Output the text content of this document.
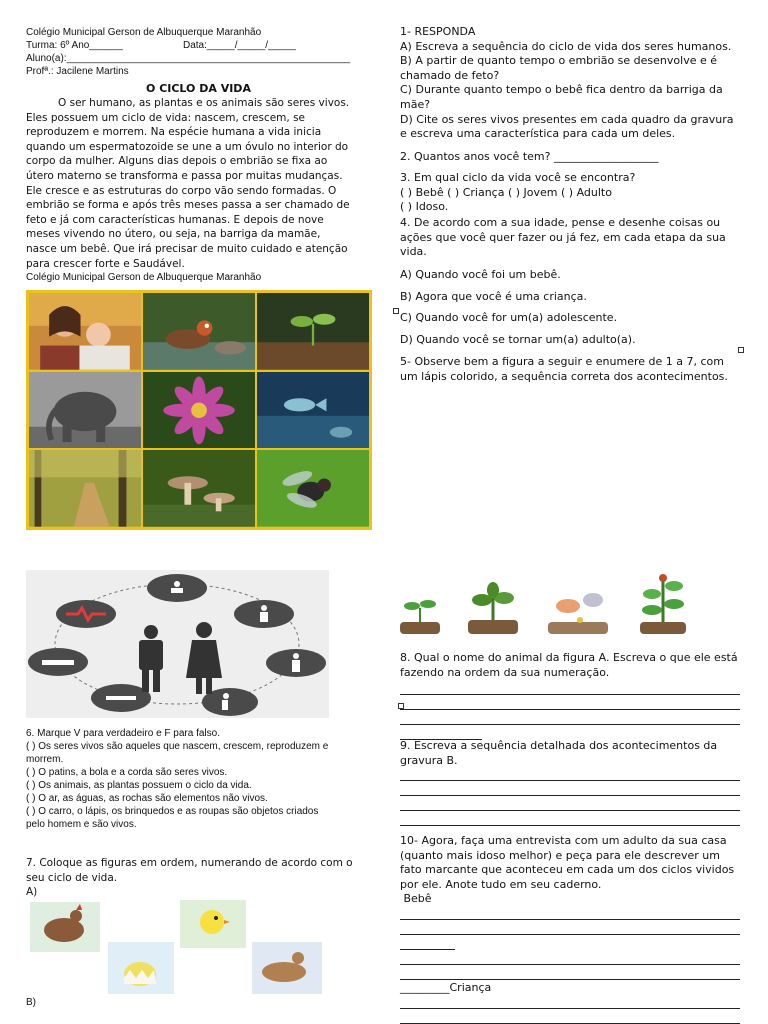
Colégio Municipal Gerson de Albuquerque Maranhão
Turma: 6º Ano______	Data:_____/_____/_____
Aluno(a):___________________________________________________
Profª.: Jacilene Martins
O CICLO DA VIDA
O ser humano, as plantas e os animais são seres vivos.
Eles possuem um ciclo de vida: nascem, crescem, se
reproduzem e morrem. Na espécie humana a vida inicia
quando um espermatozoide se une a um óvulo no interior do
corpo da mulher. Alguns dias depois o embrião se fixa ao
útero materno se transforma e passa por muitas mudanças.
Ele cresce e as estruturas do corpo vão sendo formadas. O
embrião se forma e após três meses passa a ser chamado de
feto e já com características humanas. E depois de nove
meses vivendo no útero, ou seja, na barriga da mamãe,
nasce um bebê. Que irá precisar de muito cuidado e atenção
para crescer forte e Saudável.
Colégio Municipal Gerson de Albuquerque Maranhão
6. Marque V para verdadeiro e F para falso.
( ) Os seres vivos são aqueles que nascem, crescem, reproduzem e
morrem.
( ) O patins, a bola e a corda são seres vivos.
( ) Os animais, as plantas possuem o ciclo da vida.
( ) O ar, as águas, as rochas são elementos não vivos.
( ) O carro, o lápis, os brinquedos e as roupas são objetos criados
pelo homem e são vivos.
7. Coloque as figuras em ordem, numerando de acordo com o
seu ciclo de vida.
A)
B)
1- RESPONDA
A) Escreva a sequência do ciclo de vida dos seres humanos.
B) A partir de quanto tempo o embrião se desenvolve e é
chamado de feto?
C) Durante quanto tempo o bebê fica dentro da barriga da
mãe?
D) Cite os seres vivos presentes em cada quadro da gravura
e escreva uma característica para cada um deles.
2. Quantos anos você tem? ___________________
3. Em qual ciclo da vida você se encontra?
( ) Bebê ( ) Criança ( ) Jovem ( ) Adulto
( ) Idoso.
4. De acordo com a sua idade, pense e desenhe coisas ou
ações que você quer fazer ou já fez, em cada etapa da sua
vida.
A) Quando você foi um bebê.
B) Agora que você é uma criança.
C) Quando você for um(a) adolescente.
D) Quando você se tornar um(a) adulto(a).
5- Observe bem a figura a seguir e enumere de 1 a 7, com
um lápis colorido, a sequência correta dos acontecimentos.
8. Qual o nome do animal da figura A. Escreva o que ele está
fazendo na ordem da sua numeração.
9. Escreva a sequência detalhada dos acontecimentos da
gravura B.
10- Agora, faça uma entrevista com um adulto da sua casa
(quanto mais idoso melhor) e peça para ele descrever um
fato marcante que aconteceu em cada um dos ciclos vividos
por ele. Anote tudo em seu caderno.
Bebê
_________Criança
